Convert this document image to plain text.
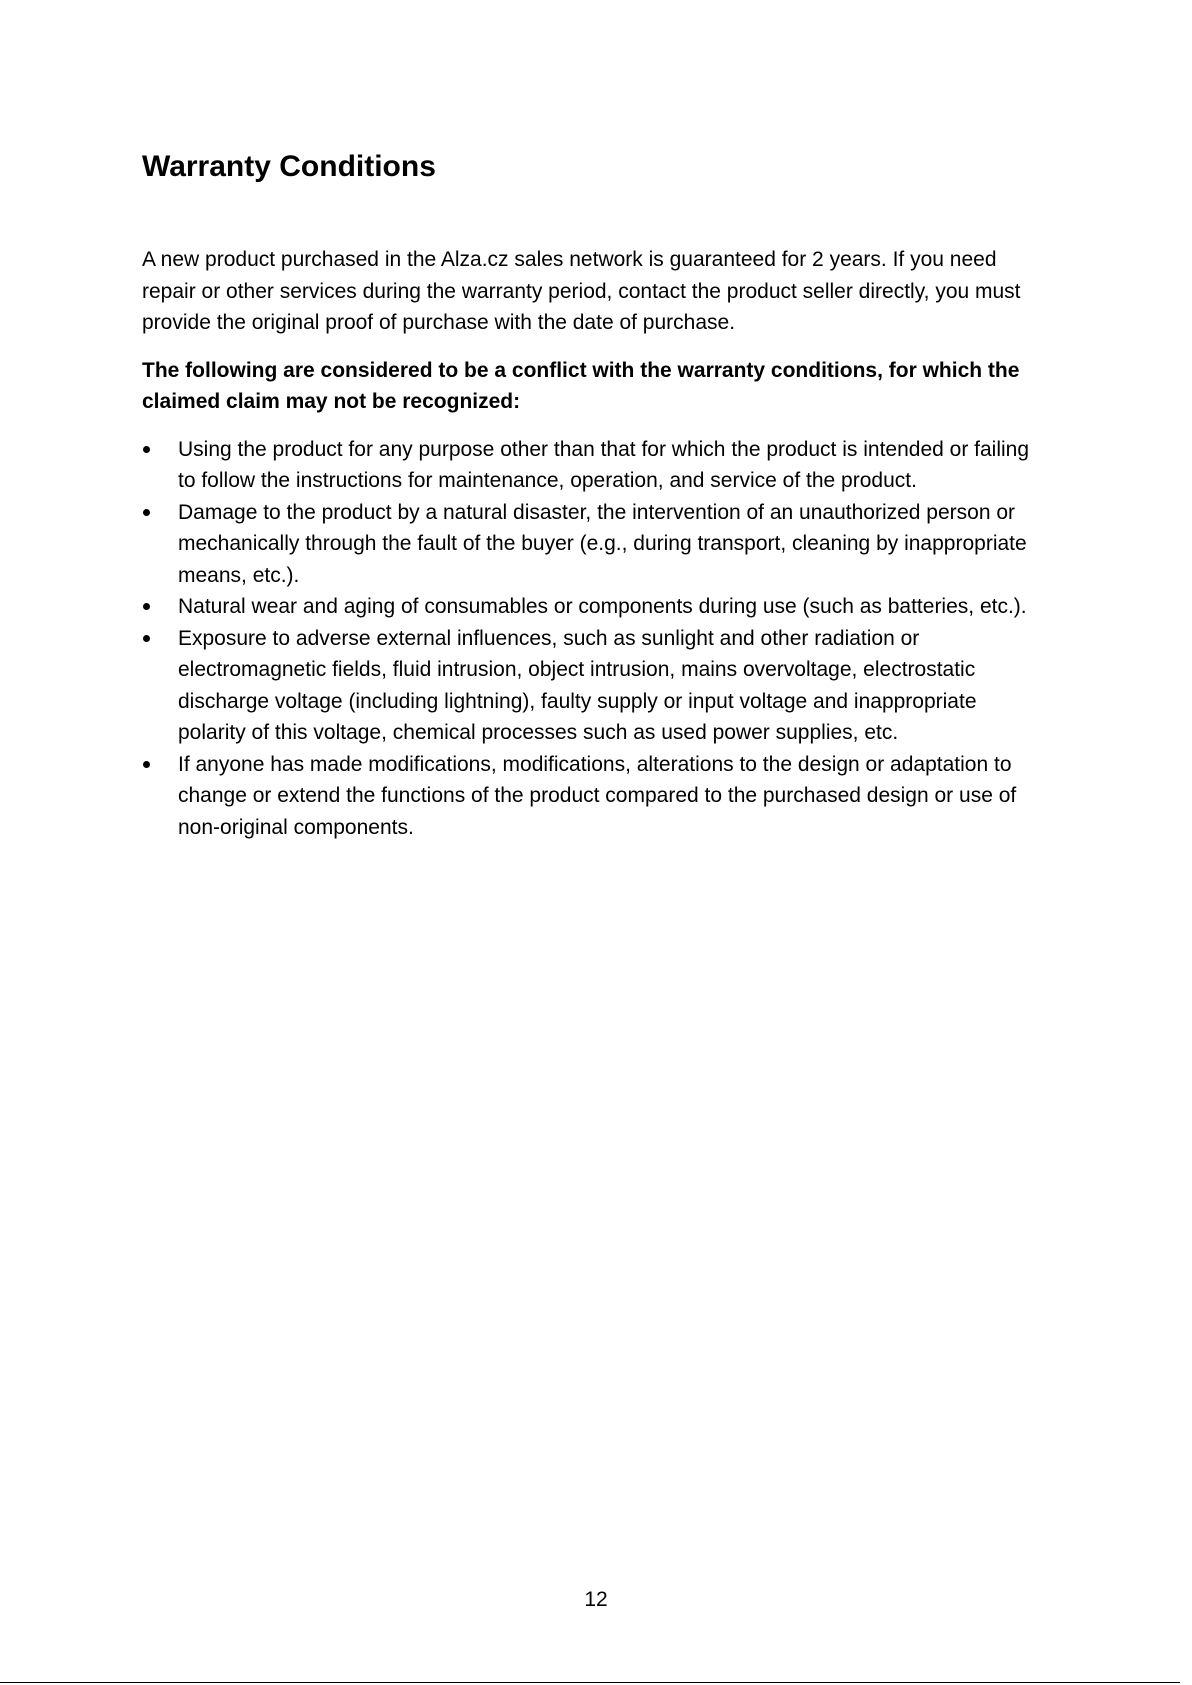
Warranty Conditions

A new product purchased in the Alza.cz sales network is guaranteed for 2 years. If you need repair or other services during the warranty period, contact the product seller directly, you must provide the original proof of purchase with the date of purchase.

The following are considered to be a conflict with the warranty conditions, for which the claimed claim may not be recognized:

Using the product for any purpose other than that for which the product is intended or failing to follow the instructions for maintenance, operation, and service of the product.
Damage to the product by a natural disaster, the intervention of an unauthorized person or mechanically through the fault of the buyer (e.g., during transport, cleaning by inappropriate means, etc.).
Natural wear and aging of consumables or components during use (such as batteries, etc.).
Exposure to adverse external influences, such as sunlight and other radiation or electromagnetic fields, fluid intrusion, object intrusion, mains overvoltage, electrostatic discharge voltage (including lightning), faulty supply or input voltage and inappropriate polarity of this voltage, chemical processes such as used power supplies, etc.
If anyone has made modifications, modifications, alterations to the design or adaptation to change or extend the functions of the product compared to the purchased design or use of non-original components.
12
